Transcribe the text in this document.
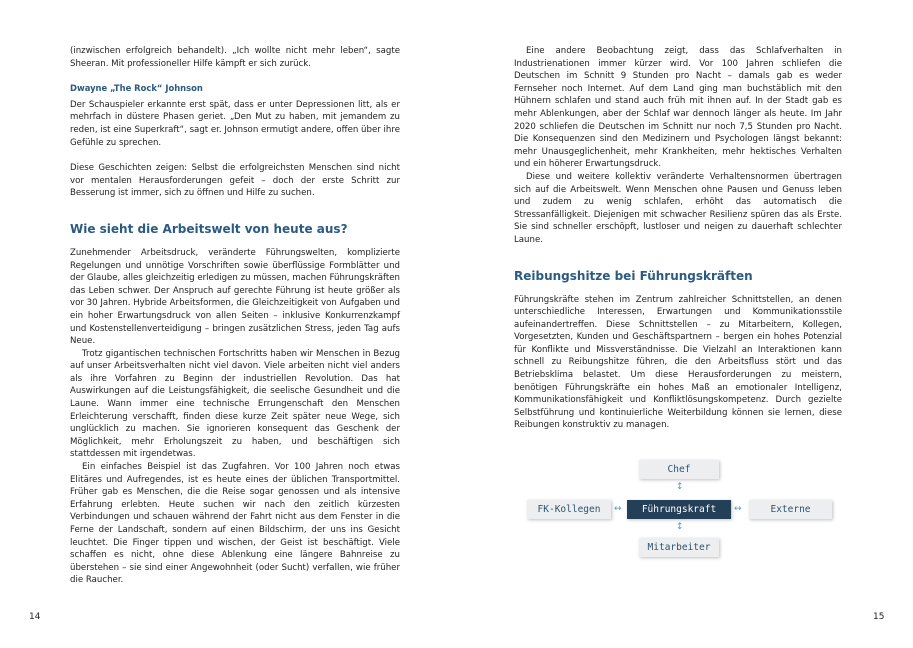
(inzwischen erfolgreich behandelt). „Ich wollte nicht mehr leben“, sagte Sheeran. Mit professioneller Hilfe kämpft er sich zurück.

Dwayne „The Rock“ Johnson

Der Schauspieler erkannte erst spät, dass er unter Depressionen litt, als er mehrfach in düstere Phasen geriet. „Den Mut zu haben, mit jemandem zu reden, ist eine Superkraft“, sagt er. Johnson ermutigt andere, offen über ihre Gefühle zu sprechen.

Diese Geschichten zeigen: Selbst die erfolgreichsten Menschen sind nicht vor mentalen Herausforderungen gefeit – doch der erste Schritt zur Besserung ist immer, sich zu öffnen und Hilfe zu suchen.

Wie sieht die Arbeitswelt von heute aus?

Zunehmender Arbeitsdruck, veränderte Führungswelten, komplizierte Regelungen und unnötige Vorschriften sowie überflüssige Formblätter und der Glaube, alles gleichzeitig erledigen zu müssen, machen Führungskräften das Leben schwer. Der Anspruch auf gerechte Führung ist heute größer als vor 30 Jahren. Hybride Arbeitsformen, die Gleichzeitigkeit von Aufgaben und ein hoher Erwartungsdruck von allen Seiten – inklusive Konkurrenzkampf und Kostenstellenverteidigung – bringen zusätzlichen Stress, jeden Tag aufs Neue.

Trotz gigantischen technischen Fortschritts haben wir Menschen in Bezug auf unser Arbeitsverhalten nicht viel davon. Viele arbeiten nicht viel anders als ihre Vorfahren zu Beginn der industriellen Revolution. Das hat Auswirkungen auf die Leistungsfähigkeit, die seelische Gesundheit und die Laune. Wann immer eine technische Errungenschaft den Menschen Erleichterung verschafft, finden diese kurze Zeit später neue Wege, sich unglücklich zu machen. Sie ignorieren konsequent das Geschenk der Möglichkeit, mehr Erholungszeit zu haben, und beschäftigen sich stattdessen mit irgendetwas.

Ein einfaches Beispiel ist das Zugfahren. Vor 100 Jahren noch etwas Elitäres und Aufregendes, ist es heute eines der üblichen Transportmittel. Früher gab es Menschen, die die Reise sogar genossen und als intensive Erfahrung erlebten. Heute suchen wir nach den zeitlich kürzesten Verbindungen und schauen während der Fahrt nicht aus dem Fenster in die Ferne der Landschaft, sondern auf einen Bildschirm, der uns ins Gesicht leuchtet. Die Finger tippen und wischen, der Geist ist beschäftigt. Viele schaffen es nicht, ohne diese Ablenkung eine längere Bahnreise zu überstehen – sie sind einer Angewohnheit (oder Sucht) verfallen, wie früher die Raucher.

14

Eine andere Beobachtung zeigt, dass das Schlafverhalten in Industrienationen immer kürzer wird. Vor 100 Jahren schliefen die Deutschen im Schnitt 9 Stunden pro Nacht – damals gab es weder Fernseher noch Internet. Auf dem Land ging man buchstäblich mit den Hühnern schlafen und stand auch früh mit ihnen auf. In der Stadt gab es mehr Ablenkungen, aber der Schlaf war dennoch länger als heute. Im Jahr 2020 schliefen die Deutschen im Schnitt nur noch 7,5 Stunden pro Nacht. Die Konsequenzen sind den Medizinern und Psychologen längst bekannt: mehr Unausgeglichenheit, mehr Krankheiten, mehr hektisches Verhalten und ein höherer Erwartungsdruck.

Diese und weitere kollektiv veränderte Verhaltensnormen übertragen sich auf die Arbeitswelt. Wenn Menschen ohne Pausen und Genuss leben und zudem zu wenig schlafen, erhöht das automatisch die Stressanfälligkeit. Diejenigen mit schwacher Resilienz spüren das als Erste. Sie sind schneller erschöpft, lustloser und neigen zu dauerhaft schlechter Laune.

Reibungshitze bei Führungskräften

Führungskräfte stehen im Zentrum zahlreicher Schnittstellen, an denen unterschiedliche Interessen, Erwartungen und Kommunikationsstile aufeinandertreffen. Diese Schnittstellen – zu Mitarbeitern, Kollegen, Vorgesetzten, Kunden und Geschäftspartnern – bergen ein hohes Potenzial für Konflikte und Missverständnisse. Die Vielzahl an Interaktionen kann schnell zu Reibungshitze führen, die den Arbeitsfluss stört und das Betriebsklima belastet. Um diese Herausforderungen zu meistern, benötigen Führungskräfte ein hohes Maß an emotionaler Intelligenz, Kommunikationsfähigkeit und Konfliktlösungskompetenz. Durch gezielte Selbstführung und kontinuierliche Weiterbildung können sie lernen, diese Reibungen konstruktiv zu managen.

Chef
↕
FK-Kollegen	↔	Führungskraft	↔	Externe
↕
Mitarbeiter
15
